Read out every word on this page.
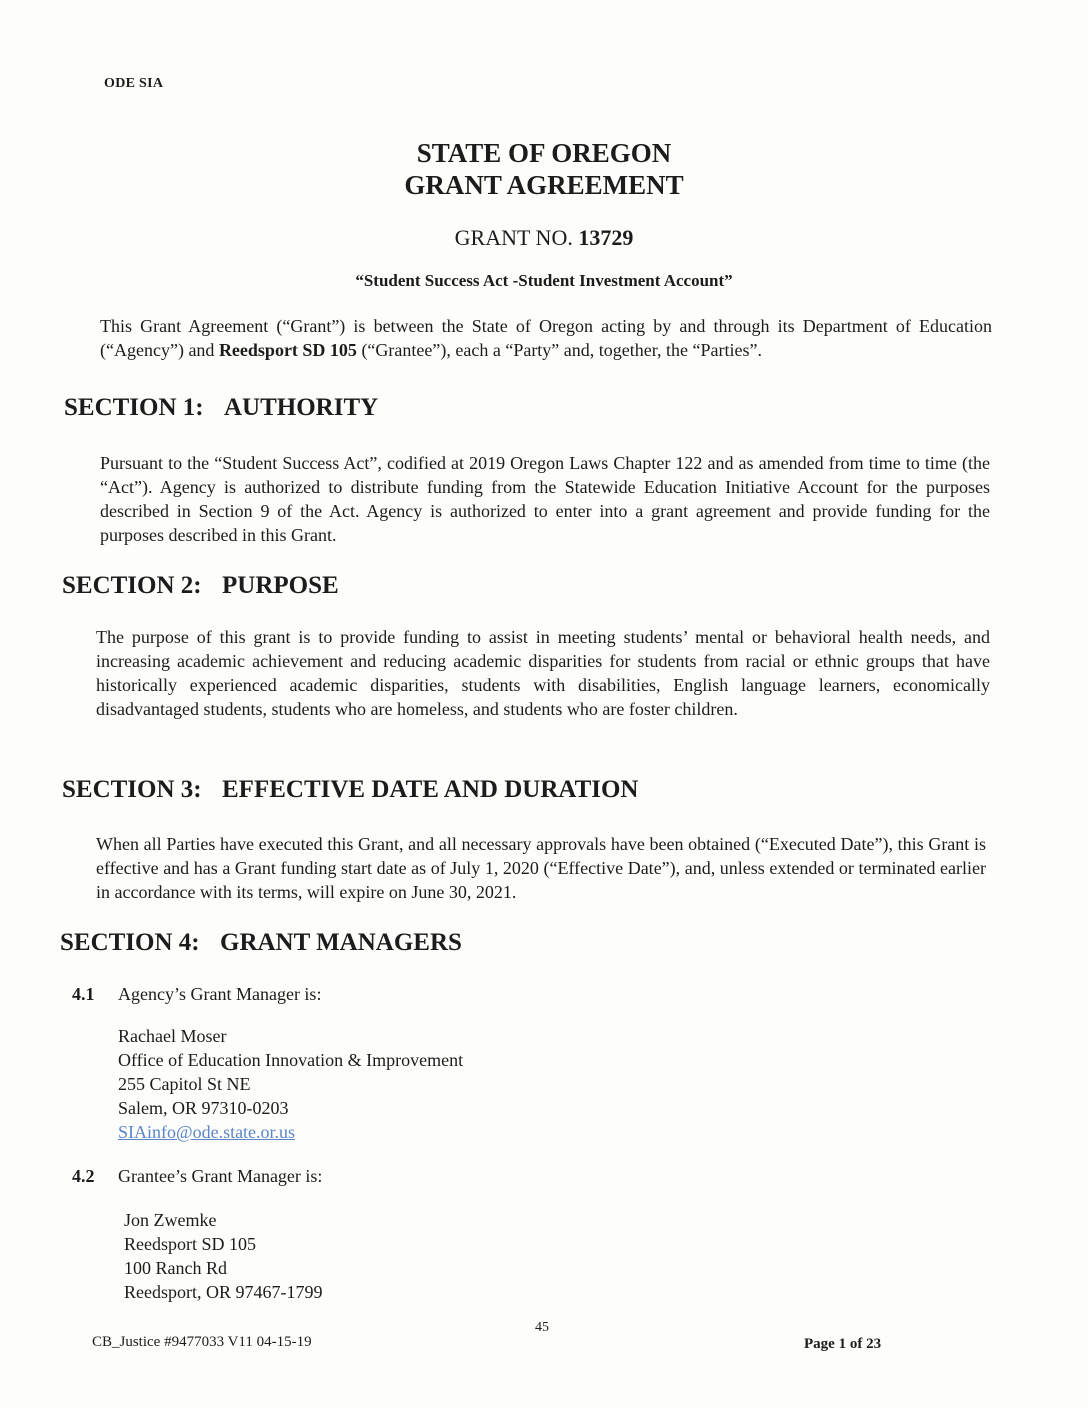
ODE SIA
STATE OF OREGON
GRANT AGREEMENT
GRANT NO. 13729
“Student Success Act -Student Investment Account”
This Grant Agreement (“Grant”) is between the State of Oregon acting by and through its Department of Education (“Agency”) and Reedsport SD 105 (“Grantee”), each a “Party” and, together, the “Parties”.
SECTION 1: AUTHORITY
Pursuant to the “Student Success Act”, codified at 2019 Oregon Laws Chapter 122 and as amended from time to time (the “Act”). Agency is authorized to distribute funding from the Statewide Education Initiative Account for the purposes described in Section 9 of the Act. Agency is authorized to enter into a grant agreement and provide funding for the purposes described in this Grant.
SECTION 2: PURPOSE
The purpose of this grant is to provide funding to assist in meeting students’ mental or behavioral health needs, and increasing academic achievement and reducing academic disparities for students from racial or ethnic groups that have historically experienced academic disparities, students with disabilities, English language learners, economically disadvantaged students, students who are homeless, and students who are foster children.
SECTION 3: EFFECTIVE DATE AND DURATION
When all Parties have executed this Grant, and all necessary approvals have been obtained (“Executed Date”), this Grant is effective and has a Grant funding start date as of July 1, 2020 (“Effective Date”), and, unless extended or terminated earlier in accordance with its terms, will expire on June 30, 2021.
SECTION 4: GRANT MANAGERS
4.1 Agency’s Grant Manager is:
Rachael Moser
Office of Education Innovation & Improvement
255 Capitol St NE
Salem, OR 97310-0203
SIAinfo@ode.state.or.us
4.2 Grantee’s Grant Manager is:
Jon Zwemke
Reedsport SD 105
100 Ranch Rd
Reedsport, OR 97467-1799
CB_Justice #9477033 V11 04-15-19
45
Page 1 of 23
